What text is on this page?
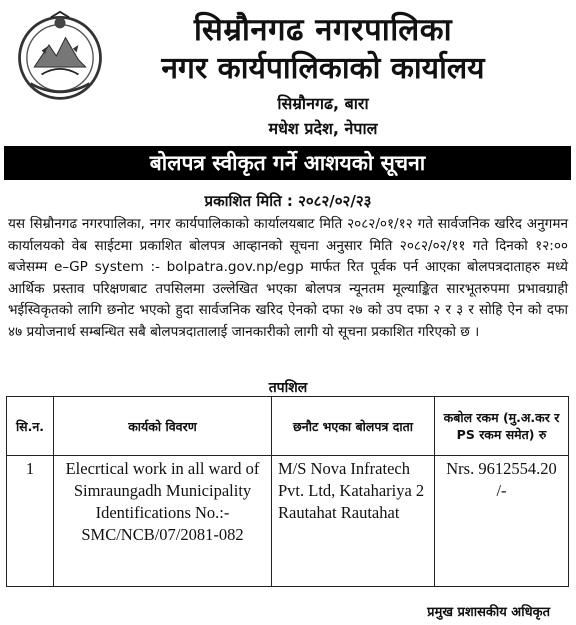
सिम्रौनगढ नगरपालिका
नगर कार्यपालिकाको कार्यालय
सिम्रौनगढ, बारा
मधेश प्रदेश, नेपाल
बोलपत्र स्वीकृत गर्ने आशयको सूचना
प्रकाशित मिति : २०८२/०२/२३
यस सिम्रौनगढ नगरपालिका, नगर कार्यपालिकाको कार्यालयबाट मिति २०८२/०१/१२ गते सार्वजनिक खरिद अनुगमन कार्यालयको वेब साईटमा प्रकाशित बोलपत्र आव्हानको सूचना अनुसार मिति २०८२/०२/११ गते दिनको १२:०० बजेसम्म e–GP system :- bolpatra.gov.np/egp मार्फत रित पूर्वक पर्न आएका बोलपत्रदाताहरु मध्ये आर्थिक प्रस्ताव परिक्षणबाट तपसिलमा उल्लेखित भएका बोलपत्र न्यूनतम मूल्याङ्कित सारभूतरुपमा प्रभावग्राही भईस्विकृतको लागि छनोट भएको हुदा सार्वजनिक खरिद ऐनको दफा २७ को उप दफा २ र ३ र सोहि ऐन को दफा ४७ प्रयोजनार्थ सम्बन्धित सबै बोलपत्रदातालाई जानकारीको लागी यो सूचना प्रकाशित गरिएको छ ।
तपशिल
सि.न.	कार्यको विवरण	छनौट भएका बोलपत्र दाता	कबोल रकम (मु.अ.कर र PS रकम समेत) रु
1	Elecrtical work in all ward of Simraungadh Municipality Identifications No.:- SMC/NCB/07/2081-082	M/S Nova Infratech Pvt. Ltd, Katahariya 2 Rautahat Rautahat	Nrs. 9612554.20 /-
प्रमुख प्रशासकीय अधिकृत
